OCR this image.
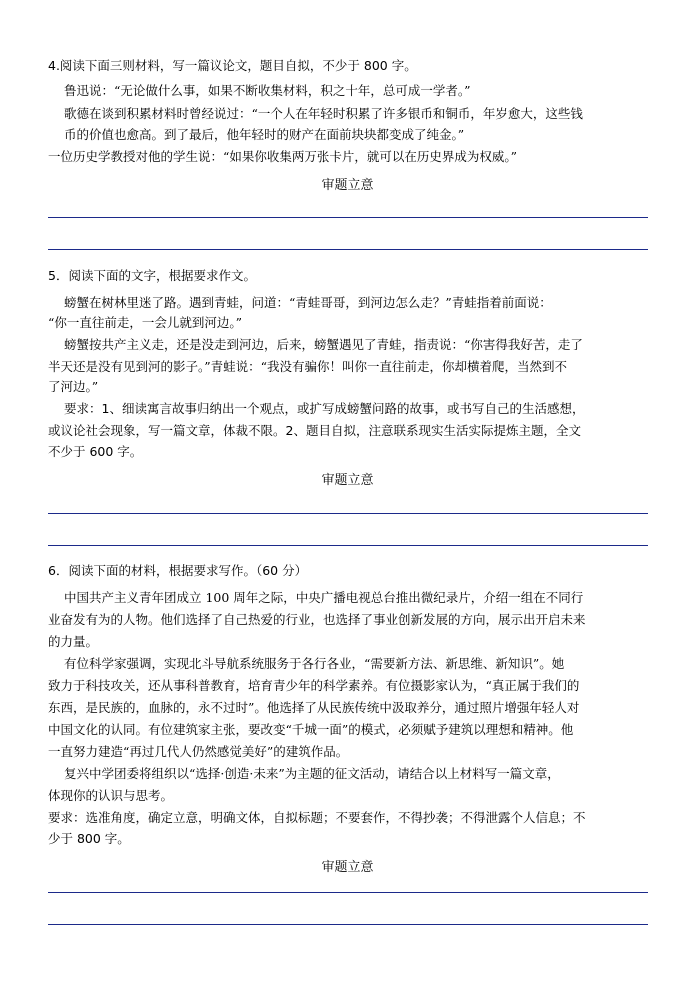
4.阅读下面三则材料，写一篇议论文，题目自拟，不少于 800 字。
鲁迅说：“无论做什么事，如果不断收集材料，积之十年，总可成一学者。”
歌德在谈到积累材料时曾经说过：“一个人在年轻时积累了许多银币和铜币，年岁愈大，这些钱
币的价值也愈高。到了最后，他年轻时的财产在面前块块都变成了纯金。”
一位历史学教授对他的学生说：“如果你收集两万张卡片，就可以在历史界成为权威。”
审题立意
5．阅读下面的文字，根据要求作文。
螃蟹在树林里迷了路。遇到青蛙，问道：“青蛙哥哥，到河边怎么走？”青蛙指着前面说：
“你一直往前走，一会儿就到河边。”
螃蟹按共产主义走，还是没走到河边，后来，螃蟹遇见了青蛙，指责说：“你害得我好苦，走了
半天还是没有见到河的影子。”青蛙说：“我没有骗你！叫你一直往前走，你却横着爬，当然到不
了河边。”
要求：1、细读寓言故事归纳出一个观点，或扩写成螃蟹问路的故事，或书写自己的生活感想，
或议论社会现象，写一篇文章，体裁不限。2、题目自拟，注意联系现实生活实际提炼主题，全文
不少于 600 字。
审题立意
6．阅读下面的材料，根据要求写作。（60 分）
中国共产主义青年团成立 100 周年之际，中央广播电视总台推出微纪录片，介绍一组在不同行
业奋发有为的人物。他们选择了自己热爱的行业，也选择了事业创新发展的方向，展示出开启未来
的力量。
有位科学家强调，实现北斗导航系统服务于各行各业，“需要新方法、新思维、新知识”。她
致力于科技攻关，还从事科普教育，培育青少年的科学素养。有位摄影家认为，“真正属于我们的
东西，是民族的，血脉的，永不过时”。他选择了从民族传统中汲取养分，通过照片增强年轻人对
中国文化的认同。有位建筑家主张，要改变“千城一面”的模式，必须赋予建筑以理想和精神。他
一直努力建造“再过几代人仍然感觉美好”的建筑作品。
复兴中学团委将组织以“选择·创造·未来”为主题的征文活动，请结合以上材料写一篇文章，
体现你的认识与思考。
要求：选准角度，确定立意，明确文体，自拟标题；不要套作，不得抄袭；不得泄露个人信息；不
少于 800 字。
审题立意
